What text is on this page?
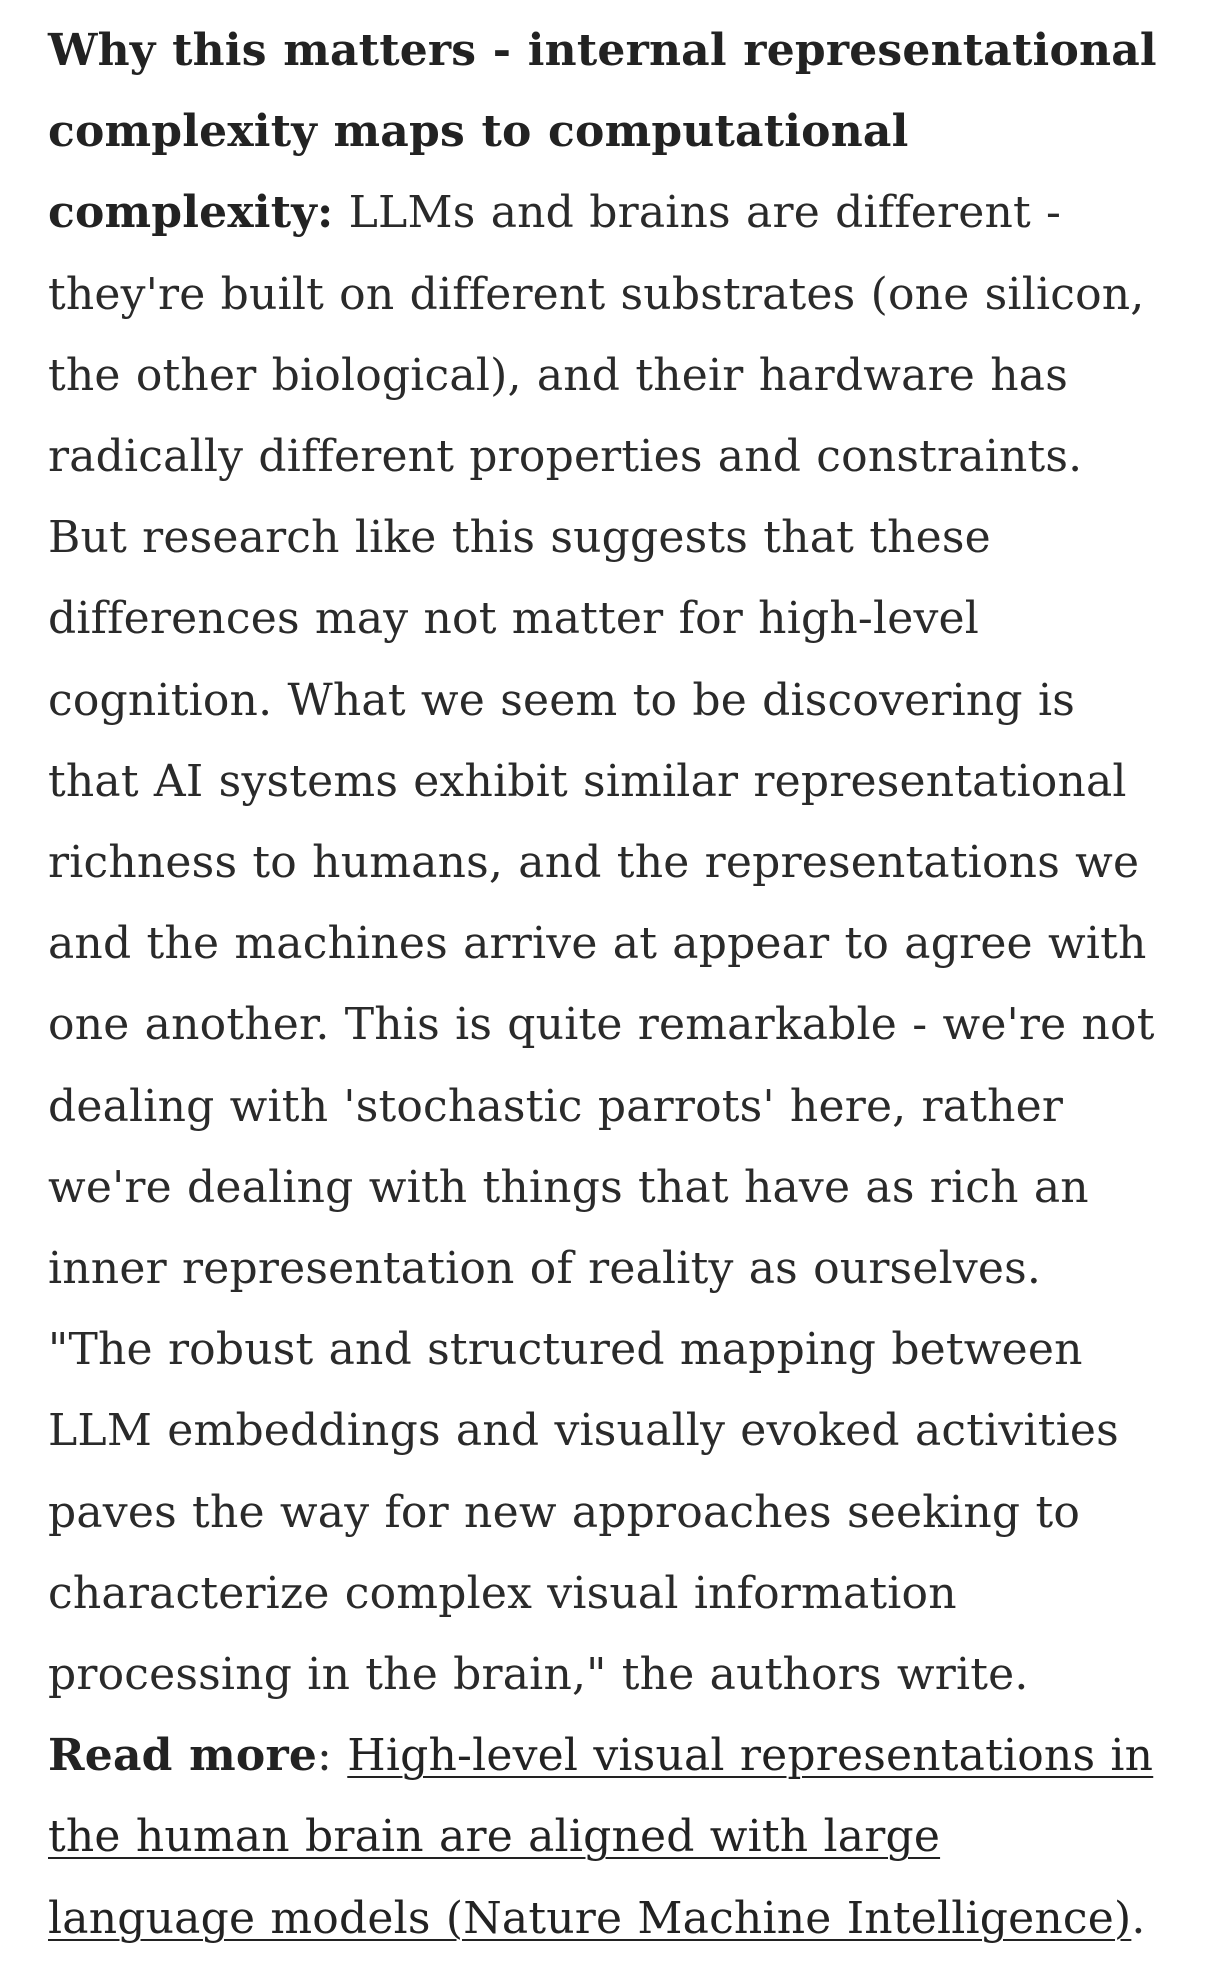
Why this matters - internal representational complexity maps to computational complexity: LLMs and brains are different - they're built on different substrates (one silicon, the other biological), and their hardware has radically different properties and constraints. But research like this suggests that these differences may not matter for high-level cognition. What we seem to be discovering is that AI systems exhibit similar representational richness to humans, and the representations we and the machines arrive at appear to agree with one another. This is quite remarkable - we're not dealing with 'stochastic parrots' here, rather we're dealing with things that have as rich an inner representation of reality as ourselves. "The robust and structured mapping between LLM embeddings and visually evoked activities paves the way for new approaches seeking to characterize complex visual information processing in the brain," the authors write.

Read more: High-level visual representations in the human brain are aligned with large language models (Nature Machine Intelligence).
